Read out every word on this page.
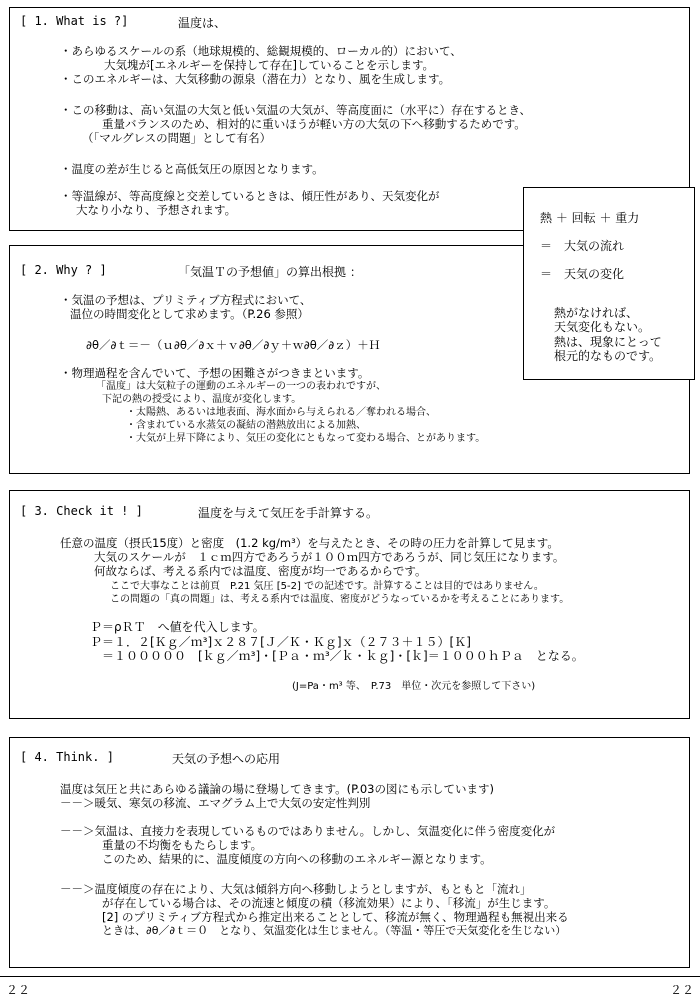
[ 1. What is ?]	温度は、
・あらゆるスケールの系（地球規模的、総観規模的、ローカル的）において、
大気塊が[エネルギーを保持して存在]していることを示します。
・このエネルギーは、大気移動の源泉（潜在力）となり、風を生成します。
・この移動は、高い気温の大気と低い気温の大気が、等高度面に（水平に）存在するとき、
重量バランスのため、相対的に重いほうが軽い方の大気の下へ移動するためです。
（「マルグレスの問題」として有名）
・温度の差が生じると高低気圧の原因となります。
・等温線が、等高度線と交差しているときは、傾圧性があり、天気変化が
大なり小なり、予想されます。
[ 2. Why ? ]	「気温Ｔの予想値」の算出根拠 ：
・気温の予想は、プリミティブ方程式において、
温位の時間変化として求めます。（P.26 参照）
∂θ／∂ｔ＝－（ｕ∂θ／∂ｘ＋ｖ∂θ／∂ｙ＋ｗ∂θ／∂ｚ）＋Ｈ
・物理過程を含んでいて、予想の困難さがつきまといます。
「温度」は大気粒子の運動のエネルギーの一つの表われですが、
下記の熱の授受により、温度が変化します。
・太陽熱、あるいは地表面、海水面から与えられる／奪われる場合、
・含まれている水蒸気の凝結の潜熱放出による加熱、
・大気が上昇下降により、気圧の変化にともなって変わる場合、とがあります。
熱 ＋ 回転 ＋ 重力
＝　大気の流れ
＝　天気の変化
熱がなければ、
天気変化もない。
熱は、現象にとって
根元的なものです。
[ 3. Check it ! ]	温度を与えて気圧を手計算する。
任意の温度（摂氏15度）と密度　(1.2 kg/m³）を与えたとき、その時の圧力を計算して見ます。
大気のスケールが　１ｃｍ四方であろうが１００ｍ四方であろうが、同じ気圧になります。
何故ならば、考える系内では温度、密度が均一であるからです。
ここで大事なことは前頁　P.21 気圧 [5-2] での記述です。計算することは目的ではありません。
この問題の「真の問題」は、考える系内では温度、密度がどうなっているかを考えることにあります。
Ｐ＝ρＲＴ　へ値を代入します。
Ｐ＝１．２[Ｋｇ／ｍ³]ｘ２８７[Ｊ／Ｋ・Ｋｇ]ｘ（２７３＋１５）[Ｋ]
＝１０００００　[ｋｇ／ｍ³]・[Ｐａ・ｍ³／ｋ・ｋｇ]・[ｋ]＝１０００ｈＰａ　となる。
(J=Pa・m³ 等、　P.73　単位・次元を参照して下さい)
[ 4. Think. ]	天気の予想への応用
温度は気圧と共にあらゆる議論の場に登場してきます。(P.03の図にも示しています)
－－＞暖気、寒気の移流、エマグラム上で大気の安定性判別
－－＞気温は、直接力を表現しているものではありません。しかし、気温変化に伴う密度変化が
重量の不均衡をもたらします。
このため、結果的に、温度傾度の方向への移動のエネルギー源となります。
－－＞温度傾度の存在により、大気は傾斜方向へ移動しようとしますが、もともと「流れ」
が存在している場合は、その流速と傾度の積（移流効果）により、「移流」が生じます。
[2] のプリミティブ方程式から推定出来ることとして、移流が無く、物理過程も無視出来る
ときは、∂θ／∂ｔ＝０　となり、気温変化は生じません。（等温・等圧で天気変化を生じない）
２２	２２
